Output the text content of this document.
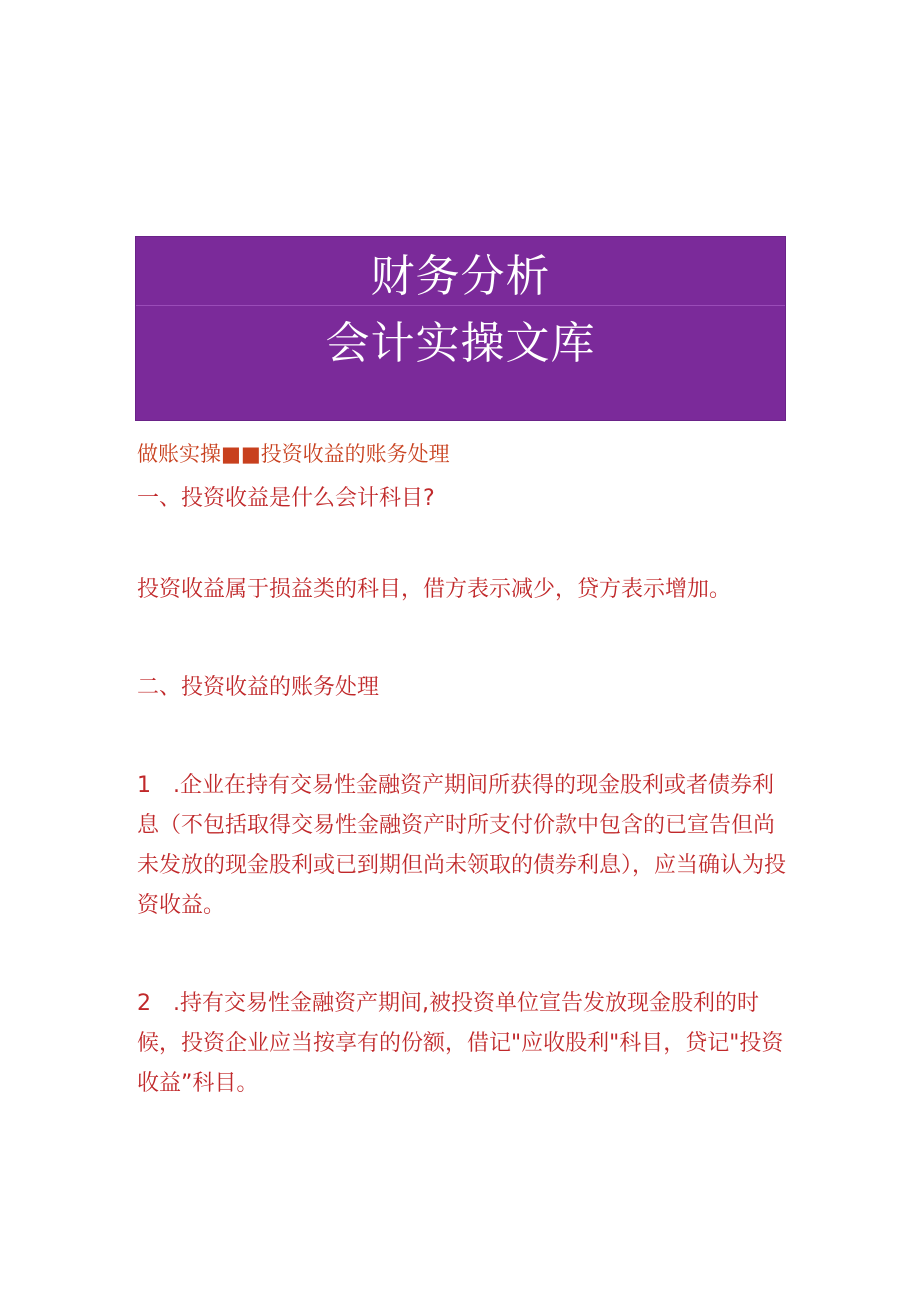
财务分析
会计实操文库

做账实操■■投资收益的账务处理

一、投资收益是什么会计科目?

投资收益属于损益类的科目，借方表示减少，贷方表示增加。

二、投资收益的账务处理

1　.企业在持有交易性金融资产期间所获得的现金股利或者债券利息（不包括取得交易性金融资产时所支付价款中包含的已宣告但尚未发放的现金股利或已到期但尚未领取的债券利息），应当确认为投资收益。

2　.持有交易性金融资产期间,被投资单位宣告发放现金股利的时候，投资企业应当按享有的份额，借记"应收股利"科目，贷记"投资收益”科目。
